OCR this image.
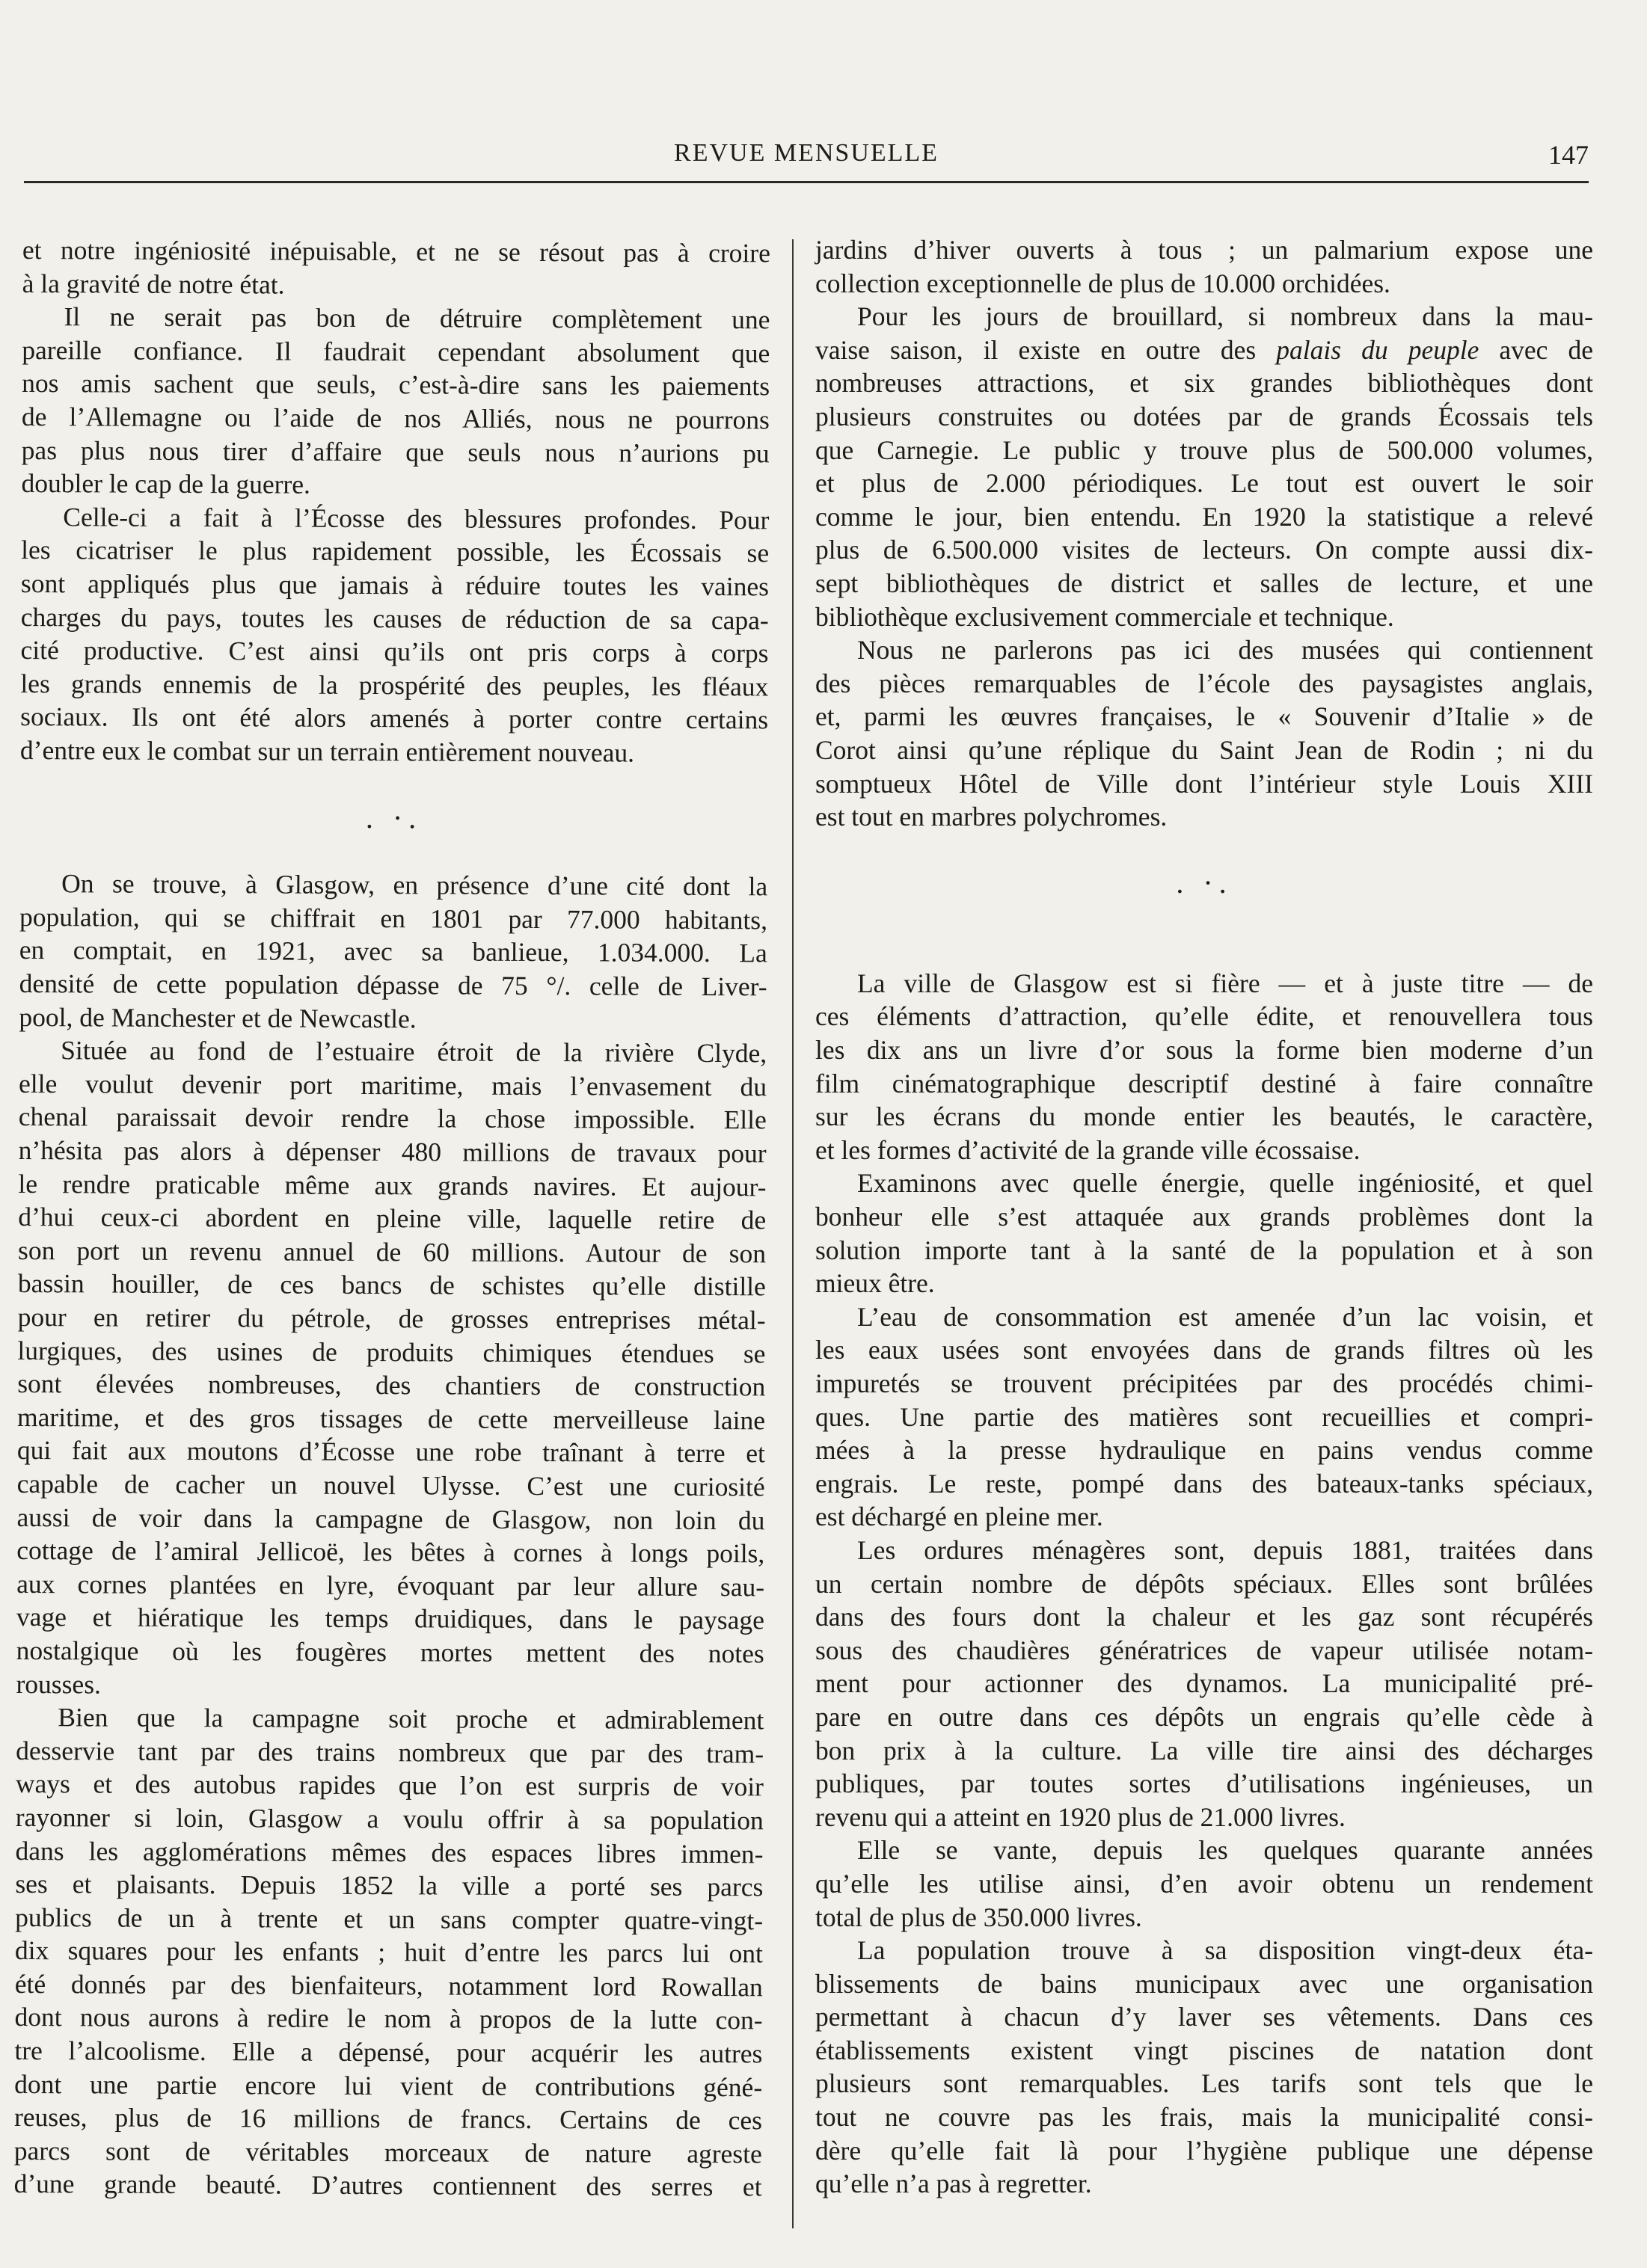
REVUE MENSUELLE	147
et notre ingéniosité inépuisable, et ne se résout pas à croire
à la gravité de notre état.
Il ne serait pas bon de détruire complètement une
pareille confiance. Il faudrait cependant absolument que
nos amis sachent que seuls, c’est-à-dire sans les paiements
de l’Allemagne ou l’aide de nos Alliés, nous ne pourrons
pas plus nous tirer d’affaire que seuls nous n’aurions pu
doubler le cap de la guerre.
Celle-ci a fait à l’Écosse des blessures profondes. Pour
les cicatriser le plus rapidement possible, les Écossais se
sont appliqués plus que jamais à réduire toutes les vaines
charges du pays, toutes les causes de réduction de sa capa-
cité productive. C’est ainsi qu’ils ont pris corps à corps
les grands ennemis de la prospérité des peuples, les fléaux
sociaux. Ils ont été alors amenés à porter contre certains
d’entre eux le combat sur un terrain entièrement nouveau.
. ·.
On se trouve, à Glasgow, en présence d’une cité dont la
population, qui se chiffrait en 1801 par 77.000 habitants,
en comptait, en 1921, avec sa banlieue, 1.034.000. La
densité de cette population dépasse de 75 °/. celle de Liver-
pool, de Manchester et de Newcastle.
Située au fond de l’estuaire étroit de la rivière Clyde,
elle voulut devenir port maritime, mais l’envasement du
chenal paraissait devoir rendre la chose impossible. Elle
n’hésita pas alors à dépenser 480 millions de travaux pour
le rendre praticable même aux grands navires. Et aujour-
d’hui ceux-ci abordent en pleine ville, laquelle retire de
son port un revenu annuel de 60 millions. Autour de son
bassin houiller, de ces bancs de schistes qu’elle distille
pour en retirer du pétrole, de grosses entreprises métal-
lurgiques, des usines de produits chimiques étendues se
sont élevées nombreuses, des chantiers de construction
maritime, et des gros tissages de cette merveilleuse laine
qui fait aux moutons d’Écosse une robe traînant à terre et
capable de cacher un nouvel Ulysse. C’est une curiosité
aussi de voir dans la campagne de Glasgow, non loin du
cottage de l’amiral Jellicoë, les bêtes à cornes à longs poils,
aux cornes plantées en lyre, évoquant par leur allure sau-
vage et hiératique les temps druidiques, dans le paysage
nostalgique où les fougères mortes mettent des notes
rousses.
Bien que la campagne soit proche et admirablement
desservie tant par des trains nombreux que par des tram-
ways et des autobus rapides que l’on est surpris de voir
rayonner si loin, Glasgow a voulu offrir à sa population
dans les agglomérations mêmes des espaces libres immen-
ses et plaisants. Depuis 1852 la ville a porté ses parcs
publics de un à trente et un sans compter quatre-vingt-
dix squares pour les enfants ; huit d’entre les parcs lui ont
été donnés par des bienfaiteurs, notamment lord Rowallan
dont nous aurons à redire le nom à propos de la lutte con-
tre l’alcoolisme. Elle a dépensé, pour acquérir les autres
dont une partie encore lui vient de contributions géné-
reuses, plus de 16 millions de francs. Certains de ces
parcs sont de véritables morceaux de nature agreste
d’une grande beauté. D’autres contiennent des serres et
jardins d’hiver ouverts à tous ; un palmarium expose une
collection exceptionnelle de plus de 10.000 orchidées.
Pour les jours de brouillard, si nombreux dans la mau-
vaise saison, il existe en outre des palais du peuple avec de
nombreuses attractions, et six grandes bibliothèques dont
plusieurs construites ou dotées par de grands Écossais tels
que Carnegie. Le public y trouve plus de 500.000 volumes,
et plus de 2.000 périodiques. Le tout est ouvert le soir
comme le jour, bien entendu. En 1920 la statistique a relevé
plus de 6.500.000 visites de lecteurs. On compte aussi dix-
sept bibliothèques de district et salles de lecture, et une
bibliothèque exclusivement commerciale et technique.
Nous ne parlerons pas ici des musées qui contiennent
des pièces remarquables de l’école des paysagistes anglais,
et, parmi les œuvres françaises, le « Souvenir d’Italie » de
Corot ainsi qu’une réplique du Saint Jean de Rodin ; ni du
somptueux Hôtel de Ville dont l’intérieur style Louis XIII
est tout en marbres polychromes.
. ·.
La ville de Glasgow est si fière — et à juste titre — de
ces éléments d’attraction, qu’elle édite, et renouvellera tous
les dix ans un livre d’or sous la forme bien moderne d’un
film cinématographique descriptif destiné à faire connaître
sur les écrans du monde entier les beautés, le caractère,
et les formes d’activité de la grande ville écossaise.
Examinons avec quelle énergie, quelle ingéniosité, et quel
bonheur elle s’est attaquée aux grands problèmes dont la
solution importe tant à la santé de la population et à son
mieux être.
L’eau de consommation est amenée d’un lac voisin, et
les eaux usées sont envoyées dans de grands filtres où les
impuretés se trouvent précipitées par des procédés chimi-
ques. Une partie des matières sont recueillies et compri-
mées à la presse hydraulique en pains vendus comme
engrais. Le reste, pompé dans des bateaux-tanks spéciaux,
est déchargé en pleine mer.
Les ordures ménagères sont, depuis 1881, traitées dans
un certain nombre de dépôts spéciaux. Elles sont brûlées
dans des fours dont la chaleur et les gaz sont récupérés
sous des chaudières génératrices de vapeur utilisée notam-
ment pour actionner des dynamos. La municipalité pré-
pare en outre dans ces dépôts un engrais qu’elle cède à
bon prix à la culture. La ville tire ainsi des décharges
publiques, par toutes sortes d’utilisations ingénieuses, un
revenu qui a atteint en 1920 plus de 21.000 livres.
Elle se vante, depuis les quelques quarante années
qu’elle les utilise ainsi, d’en avoir obtenu un rendement
total de plus de 350.000 livres.
La population trouve à sa disposition vingt-deux éta-
blissements de bains municipaux avec une organisation
permettant à chacun d’y laver ses vêtements. Dans ces
établissements existent vingt piscines de natation dont
plusieurs sont remarquables. Les tarifs sont tels que le
tout ne couvre pas les frais, mais la municipalité consi-
dère qu’elle fait là pour l’hygiène publique une dépense
qu’elle n’a pas à regretter.
